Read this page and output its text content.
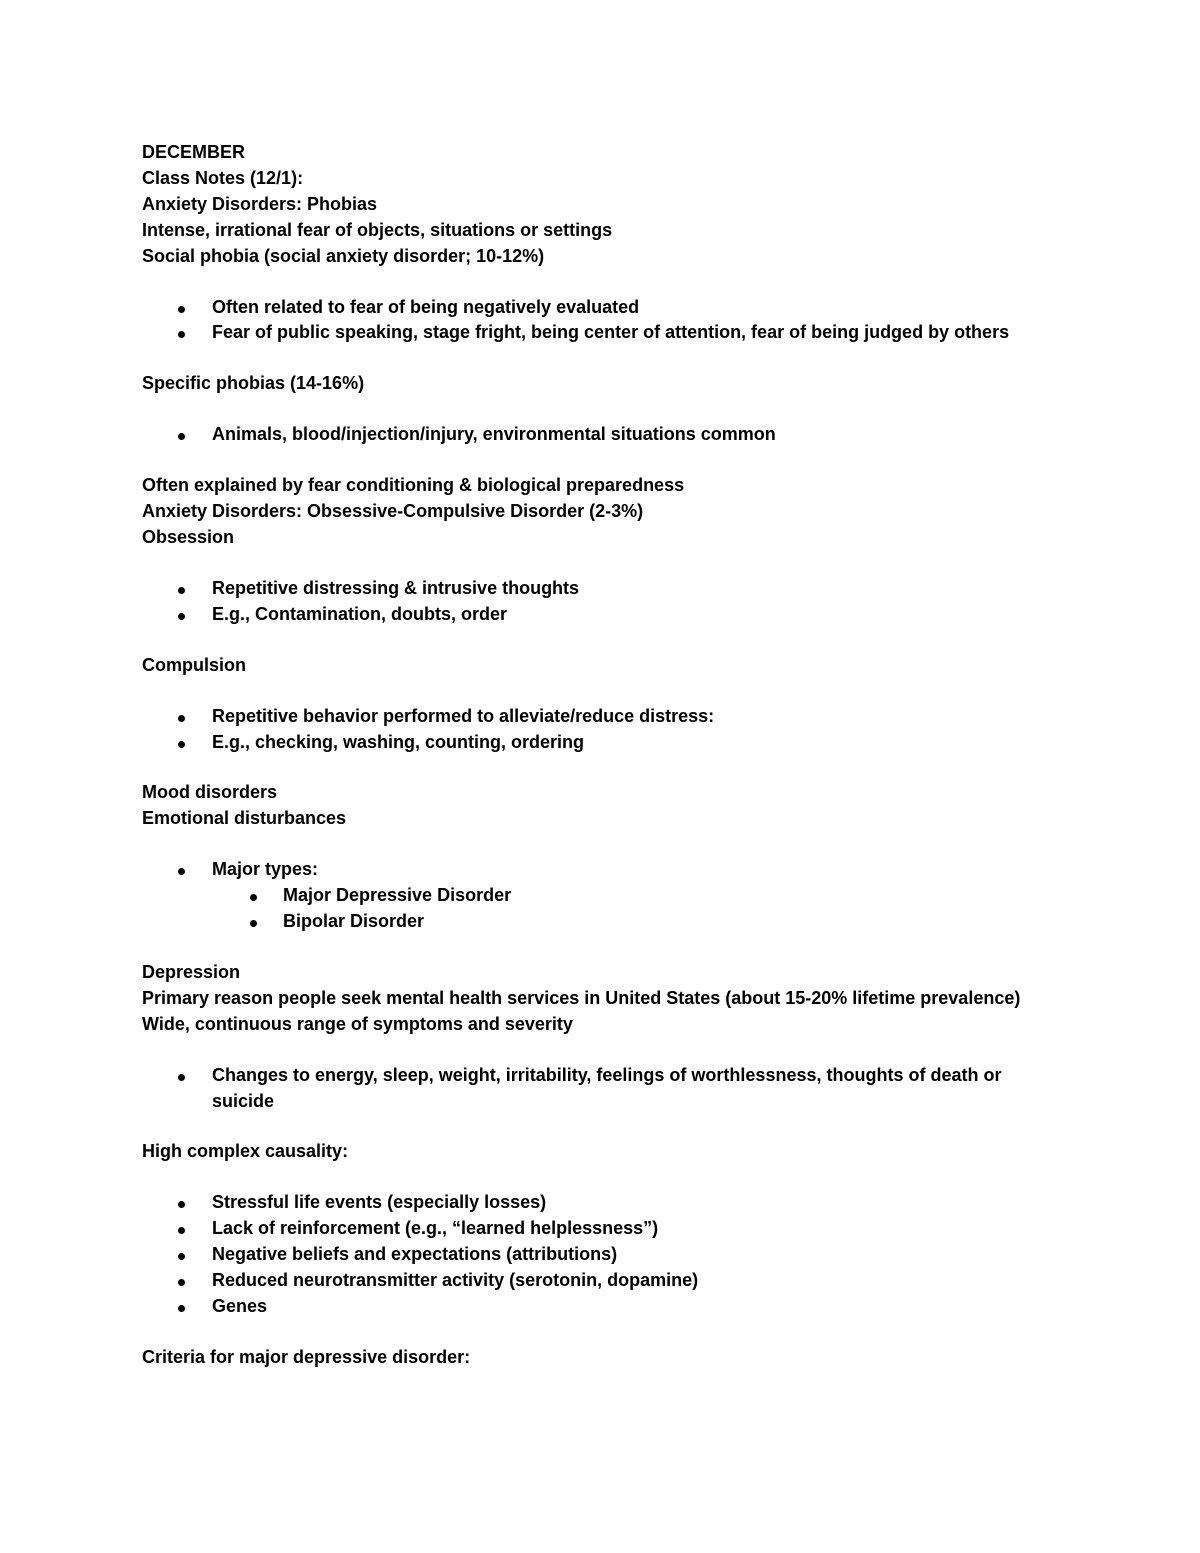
DECEMBER
Class Notes (12/1):
Anxiety Disorders: Phobias
Intense, irrational fear of objects, situations or settings
Social phobia (social anxiety disorder; 10-12%)
Often related to fear of being negatively evaluated
Fear of public speaking, stage fright, being center of attention, fear of being judged by others
Specific phobias (14-16%)
Animals, blood/injection/injury, environmental situations common
Often explained by fear conditioning & biological preparedness
Anxiety Disorders: Obsessive-Compulsive Disorder (2-3%)
Obsession
Repetitive distressing & intrusive thoughts
E.g., Contamination, doubts, order
Compulsion
Repetitive behavior performed to alleviate/reduce distress:
E.g., checking, washing, counting, ordering
Mood disorders
Emotional disturbances
Major types:
Major Depressive Disorder
Bipolar Disorder
Depression
Primary reason people seek mental health services in United States (about 15-20% lifetime prevalence)
Wide, continuous range of symptoms and severity
Changes to energy, sleep, weight, irritability, feelings of worthlessness, thoughts of death or suicide
High complex causality:
Stressful life events (especially losses)
Lack of reinforcement (e.g., “learned helplessness”)
Negative beliefs and expectations (attributions)
Reduced neurotransmitter activity (serotonin, dopamine)
Genes
Criteria for major depressive disorder:
